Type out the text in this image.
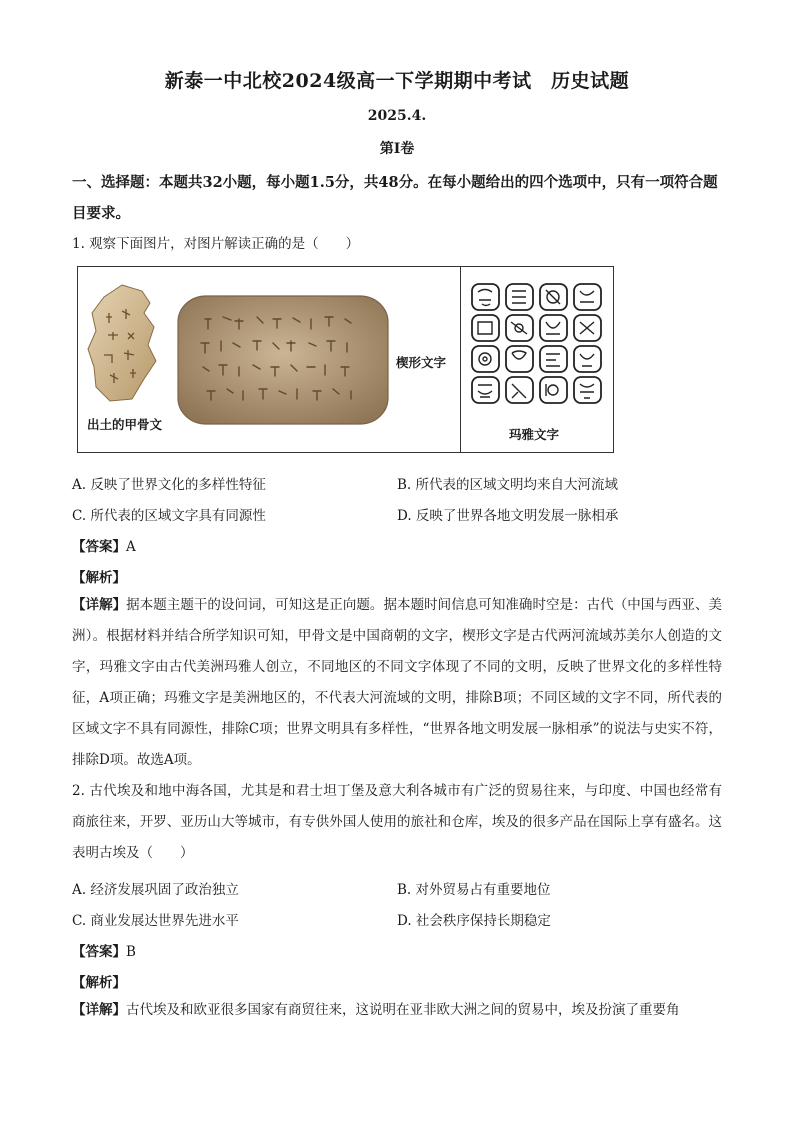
新泰一中北校2024级高一下学期期中考试　历史试题
2025.4.
第Ⅰ卷
一、选择题：本题共32小题，每小题1.5分，共48分。在每小题给出的四个选项中，只有一项符合题目要求。
1. 观察下面图片，对图片解读正确的是（　　）
出土的甲骨文
楔形文字
玛雅文字
A. 反映了世界文化的多样性特征	B. 所代表的区域文明均来自大河流域
C. 所代表的区域文字具有同源性	D. 反映了世界各地文明发展一脉相承
【答案】A
【解析】
【详解】据本题主题干的设问词，可知这是正向题。据本题时间信息可知准确时空是：古代（中国与西亚、美洲）。根据材料并结合所学知识可知，甲骨文是中国商朝的文字，楔形文字是古代两河流域苏美尔人创造的文字，玛雅文字由古代美洲玛雅人创立，不同地区的不同文字体现了不同的文明，反映了世界文化的多样性特征，A项正确；玛雅文字是美洲地区的，不代表大河流域的文明，排除B项；不同区域的文字不同，所代表的区域文字不具有同源性，排除C项；世界文明具有多样性，“世界各地文明发展一脉相承”的说法与史实不符，排除D项。故选A项。
2. 古代埃及和地中海各国，尤其是和君士坦丁堡及意大利各城市有广泛的贸易往来，与印度、中国也经常有商旅往来，开罗、亚历山大等城市，有专供外国人使用的旅社和仓库，埃及的很多产品在国际上享有盛名。这表明古埃及（　　）
A. 经济发展巩固了政治独立	B. 对外贸易占有重要地位
C. 商业发展达世界先进水平	D. 社会秩序保持长期稳定
【答案】B
【解析】
【详解】古代埃及和欧亚很多国家有商贸往来，这说明在亚非欧大洲之间的贸易中，埃及扮演了重要角
